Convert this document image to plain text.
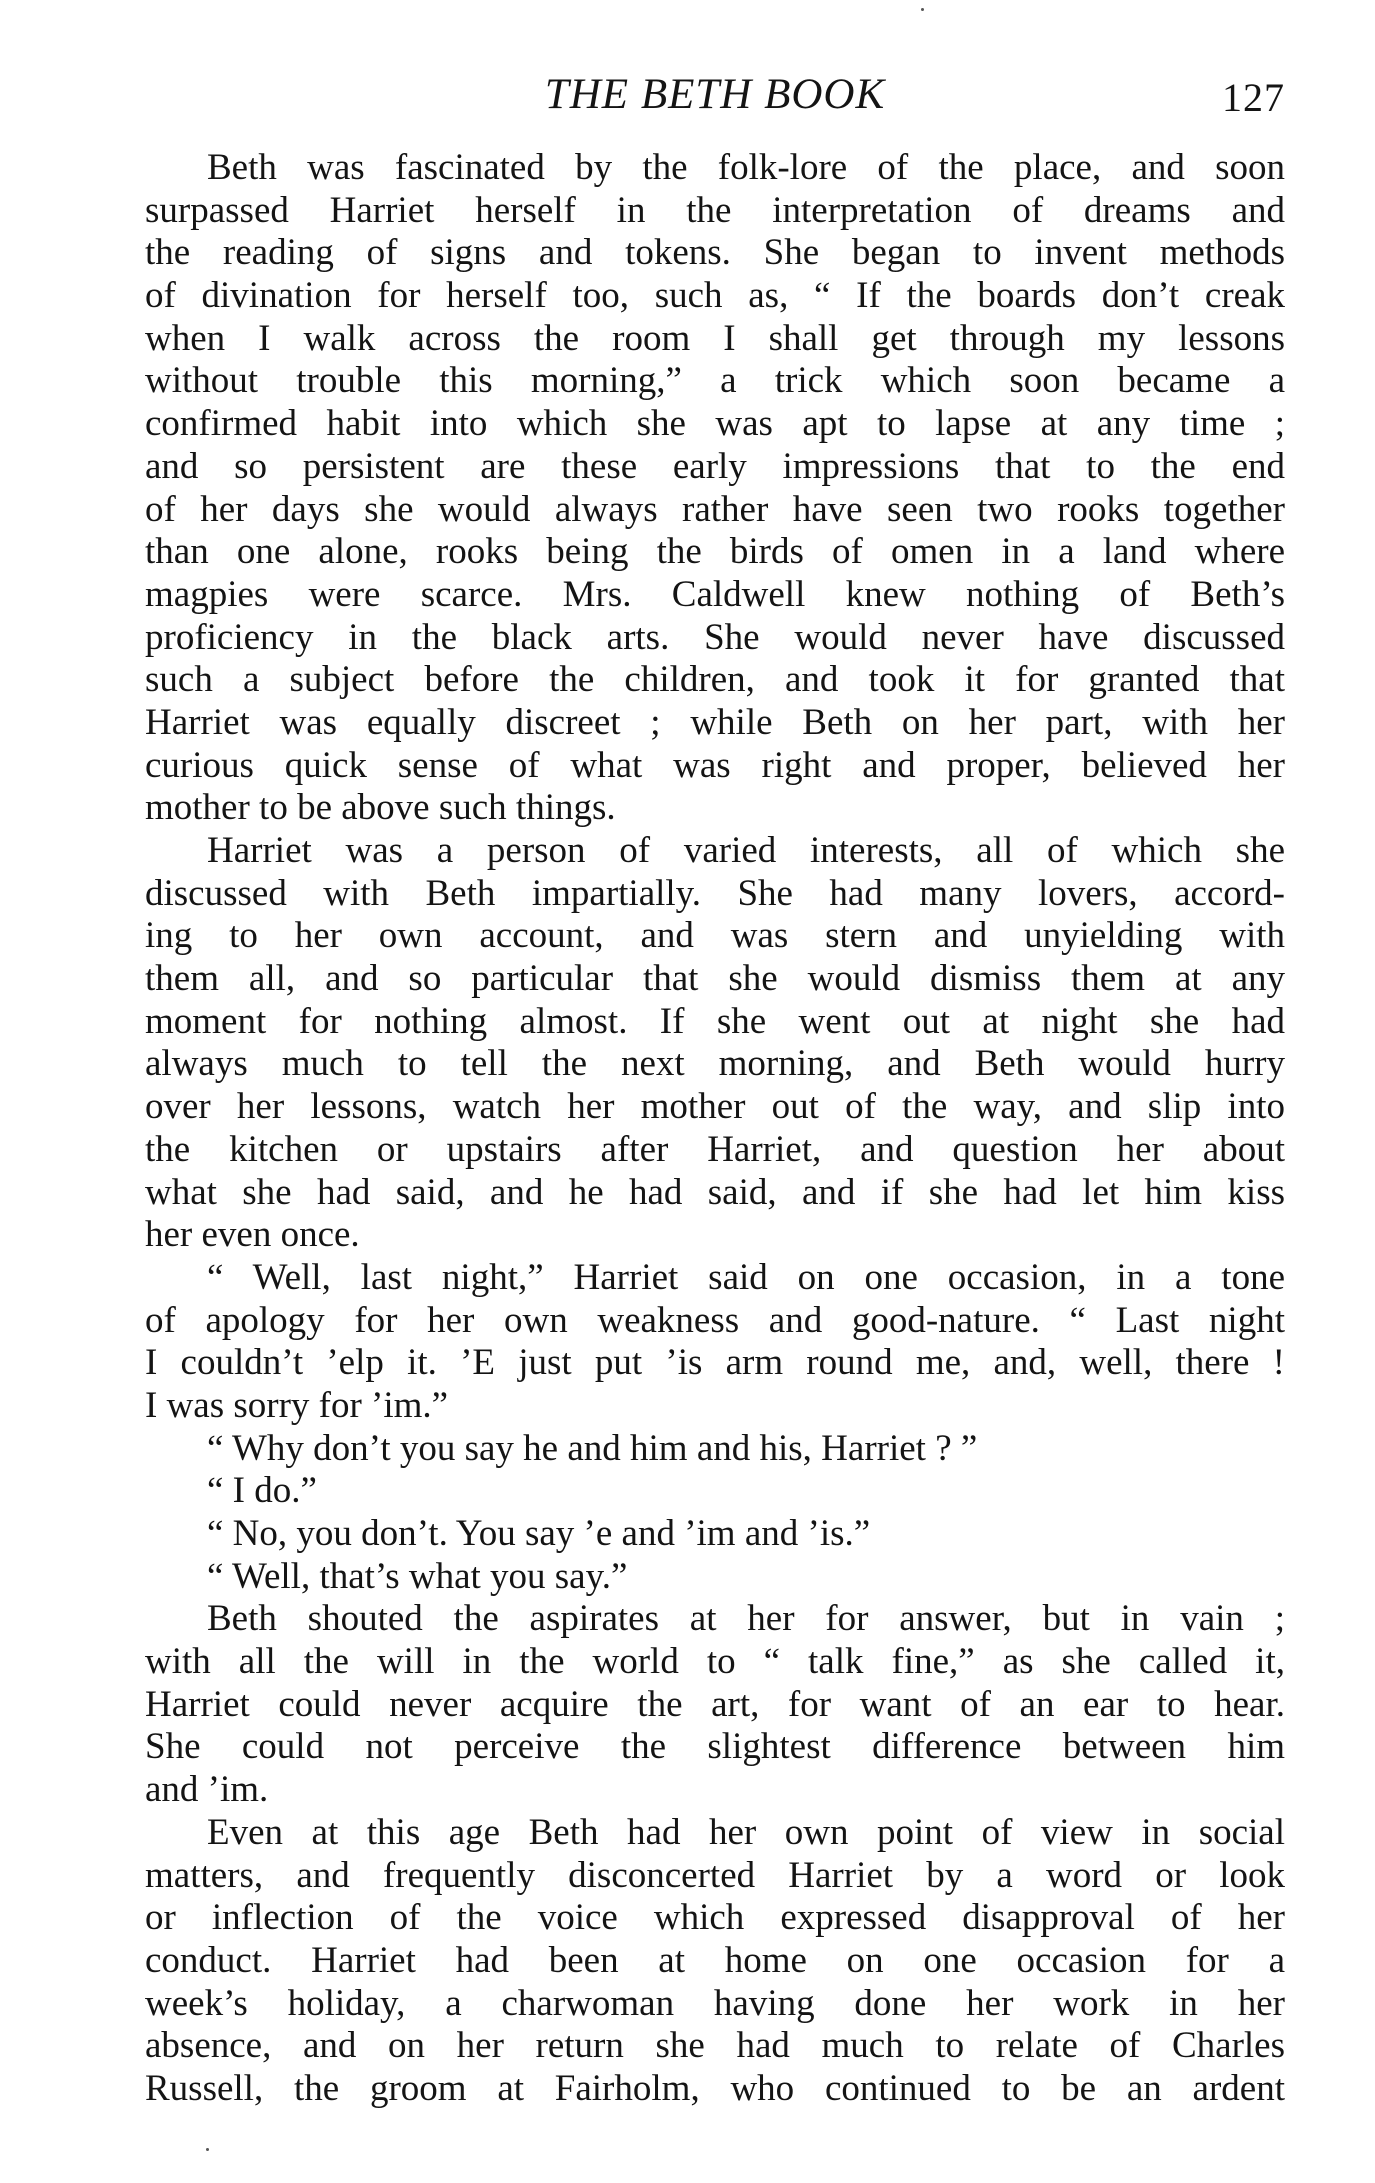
THE BETH BOOK	127
Beth was fascinated by the folk-lore of the place, and soon
surpassed Harriet herself in the interpretation of dreams and
the reading of signs and tokens. She began to invent methods
of divination for herself too, such as, “ If the boards don’t creak
when I walk across the room I shall get through my lessons
without trouble this morning,” a trick which soon became a
confirmed habit into which she was apt to lapse at any time ;
and so persistent are these early impressions that to the end
of her days she would always rather have seen two rooks together
than one alone, rooks being the birds of omen in a land where
magpies were scarce. Mrs. Caldwell knew nothing of Beth’s
proficiency in the black arts. She would never have discussed
such a subject before the children, and took it for granted that
Harriet was equally discreet ; while Beth on her part, with her
curious quick sense of what was right and proper, believed her
mother to be above such things.
Harriet was a person of varied interests, all of which she
discussed with Beth impartially. She had many lovers, accord-
ing to her own account, and was stern and unyielding with
them all, and so particular that she would dismiss them at any
moment for nothing almost. If she went out at night she had
always much to tell the next morning, and Beth would hurry
over her lessons, watch her mother out of the way, and slip into
the kitchen or upstairs after Harriet, and question her about
what she had said, and he had said, and if she had let him kiss
her even once.
“ Well, last night,” Harriet said on one occasion, in a tone
of apology for her own weakness and good-nature. “ Last night
I couldn’t ’elp it. ’E just put ’is arm round me, and, well, there !
I was sorry for ’im.”
“ Why don’t you say he and him and his, Harriet ? ”
“ I do.”
“ No, you don’t. You say ’e and ’im and ’is.”
“ Well, that’s what you say.”
Beth shouted the aspirates at her for answer, but in vain ;
with all the will in the world to “ talk fine,” as she called it,
Harriet could never acquire the art, for want of an ear to hear.
She could not perceive the slightest difference between him
and ’im.
Even at this age Beth had her own point of view in social
matters, and frequently disconcerted Harriet by a word or look
or inflection of the voice which expressed disapproval of her
conduct. Harriet had been at home on one occasion for a
week’s holiday, a charwoman having done her work in her
absence, and on her return she had much to relate of Charles
Russell, the groom at Fairholm, who continued to be an ardent
